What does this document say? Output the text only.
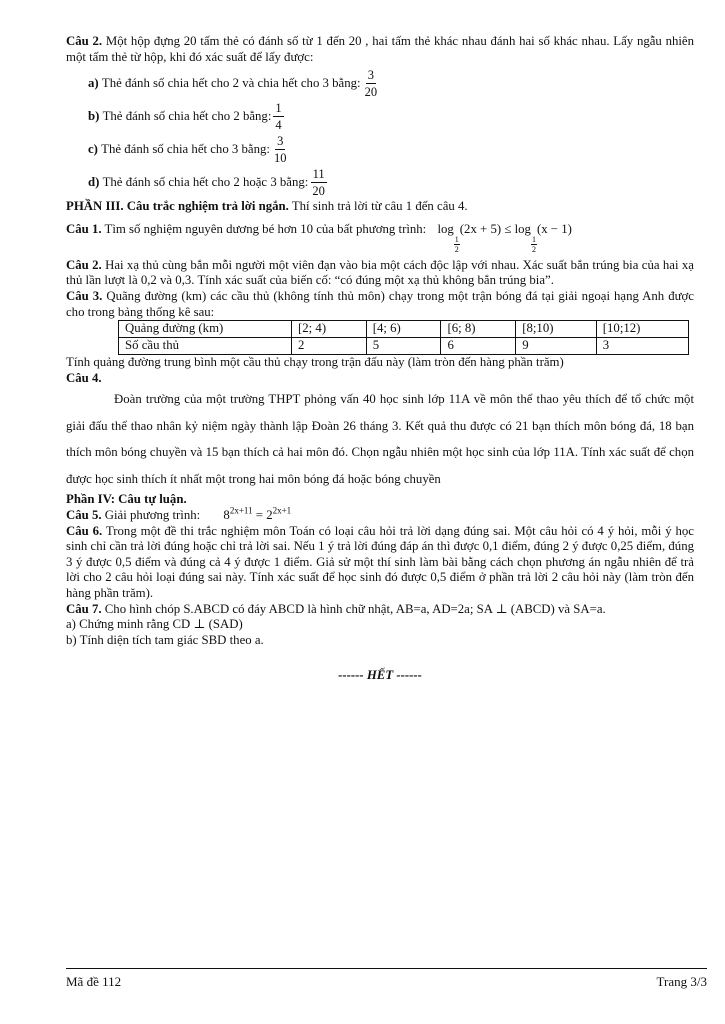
Câu 2. Một hộp đựng 20 tấm thẻ có đánh số từ 1 đến 20 , hai tấm thẻ khác nhau đánh hai số khác nhau. Lấy ngẫu nhiên một tấm thẻ từ hộp, khi đó xác suất để lấy được:

a)
Thẻ đánh số chia hết cho 2 và chia hết cho 3 bằng: $\frac{3}{20}$
b)
Thẻ đánh số chia hết cho 2 bằng: $\frac{1}{4}$
c)
Thẻ đánh số chia hết cho 3 bằng: $\frac{3}{10}$
d)
Thẻ đánh số chia hết cho 2 hoặc 3 bằng: $\frac{11}{20}$

PHẦN III. Câu trắc nghiệm trả lời ngắn. Thí sinh trả lời từ câu 1 đến câu 4.

Câu 1. Tìm số nghiệm nguyên dương bé hơn 10 của bất phương trình: log
$\frac{1}{2}$
(2x + 5) ≤ log
$\frac{1}{2}$
(x − 1)

Câu 2. Hai xạ thủ cùng bắn mỗi người một viên đạn vào bia một cách độc lập với nhau. Xác suất bắn trúng bia của hai xạ thủ lần lượt là 0,2 và 0,3. Tính xác suất của biến cố: “có đúng một xạ thủ không bắn trúng bia”.

Câu 3. Quãng đường (km) các cầu thủ (không tính thủ môn) chạy trong một trận bóng đá tại giải ngoại hạng Anh được cho trong bảng thống kê sau:

Quảng đường (km)	[2; 4)	[4; 6)	[6; 8)	[8;10)	[10;12)
Số cầu thủ	2	5	6	9	3

Tính quảng đường trung bình một cầu thủ chạy trong trận đấu này (làm tròn đến hàng phần trăm)

Câu 4.

Đoàn trường của một trường THPT phỏng vấn 40 học sinh lớp 11A về môn thể thao yêu thích để tổ chức một giải đấu thể thao nhân kỷ niệm ngày thành lập Đoàn 26 tháng 3. Kết quả thu được có 21 bạn thích môn bóng đá, 18 bạn thích môn bóng chuyền và 15 bạn thích cả hai môn đó. Chọn ngẫu nhiên một học sinh của lớp 11A. Tính xác suất để chọn được học sinh thích ít nhất một trong hai môn bóng đá hoặc bóng chuyền

Phần IV: Câu tự luận.

Câu 5. Giải phương trình: $8^{2x+11} = 2^{2x+1}$

Câu 6. Trong một đề thi trắc nghiệm môn Toán có loại câu hỏi trả lời dạng đúng sai. Một câu hỏi có 4 ý hỏi, mỗi ý học sinh chỉ cần trả lời đúng hoặc chỉ trả lời sai. Nếu 1 ý trả lời đúng đáp án thì được 0,1 điểm, đúng 2 ý được 0,25 điểm, đúng 3 ý được 0,5 điểm và đúng cả 4 ý được 1 điểm. Giả sử một thí sinh làm bài bằng cách chọn phương án ngẫu nhiên để trả lời cho 2 câu hỏi loại đúng sai này. Tính xác suất để học sinh đó được 0,5 điểm ở phần trả lời 2 câu hỏi này (làm tròn đến hàng phần trăm).

Câu 7. Cho hình chóp S.ABCD có đáy ABCD là hình chữ nhật, AB=a, AD=2a; SA ⊥ (ABCD) và SA=a.

a) Chứng minh rằng CD ⊥ (SAD)

b) Tính diện tích tam giác SBD theo a.

------ HẾT ------

Mã đề 112	Trang 3/3
